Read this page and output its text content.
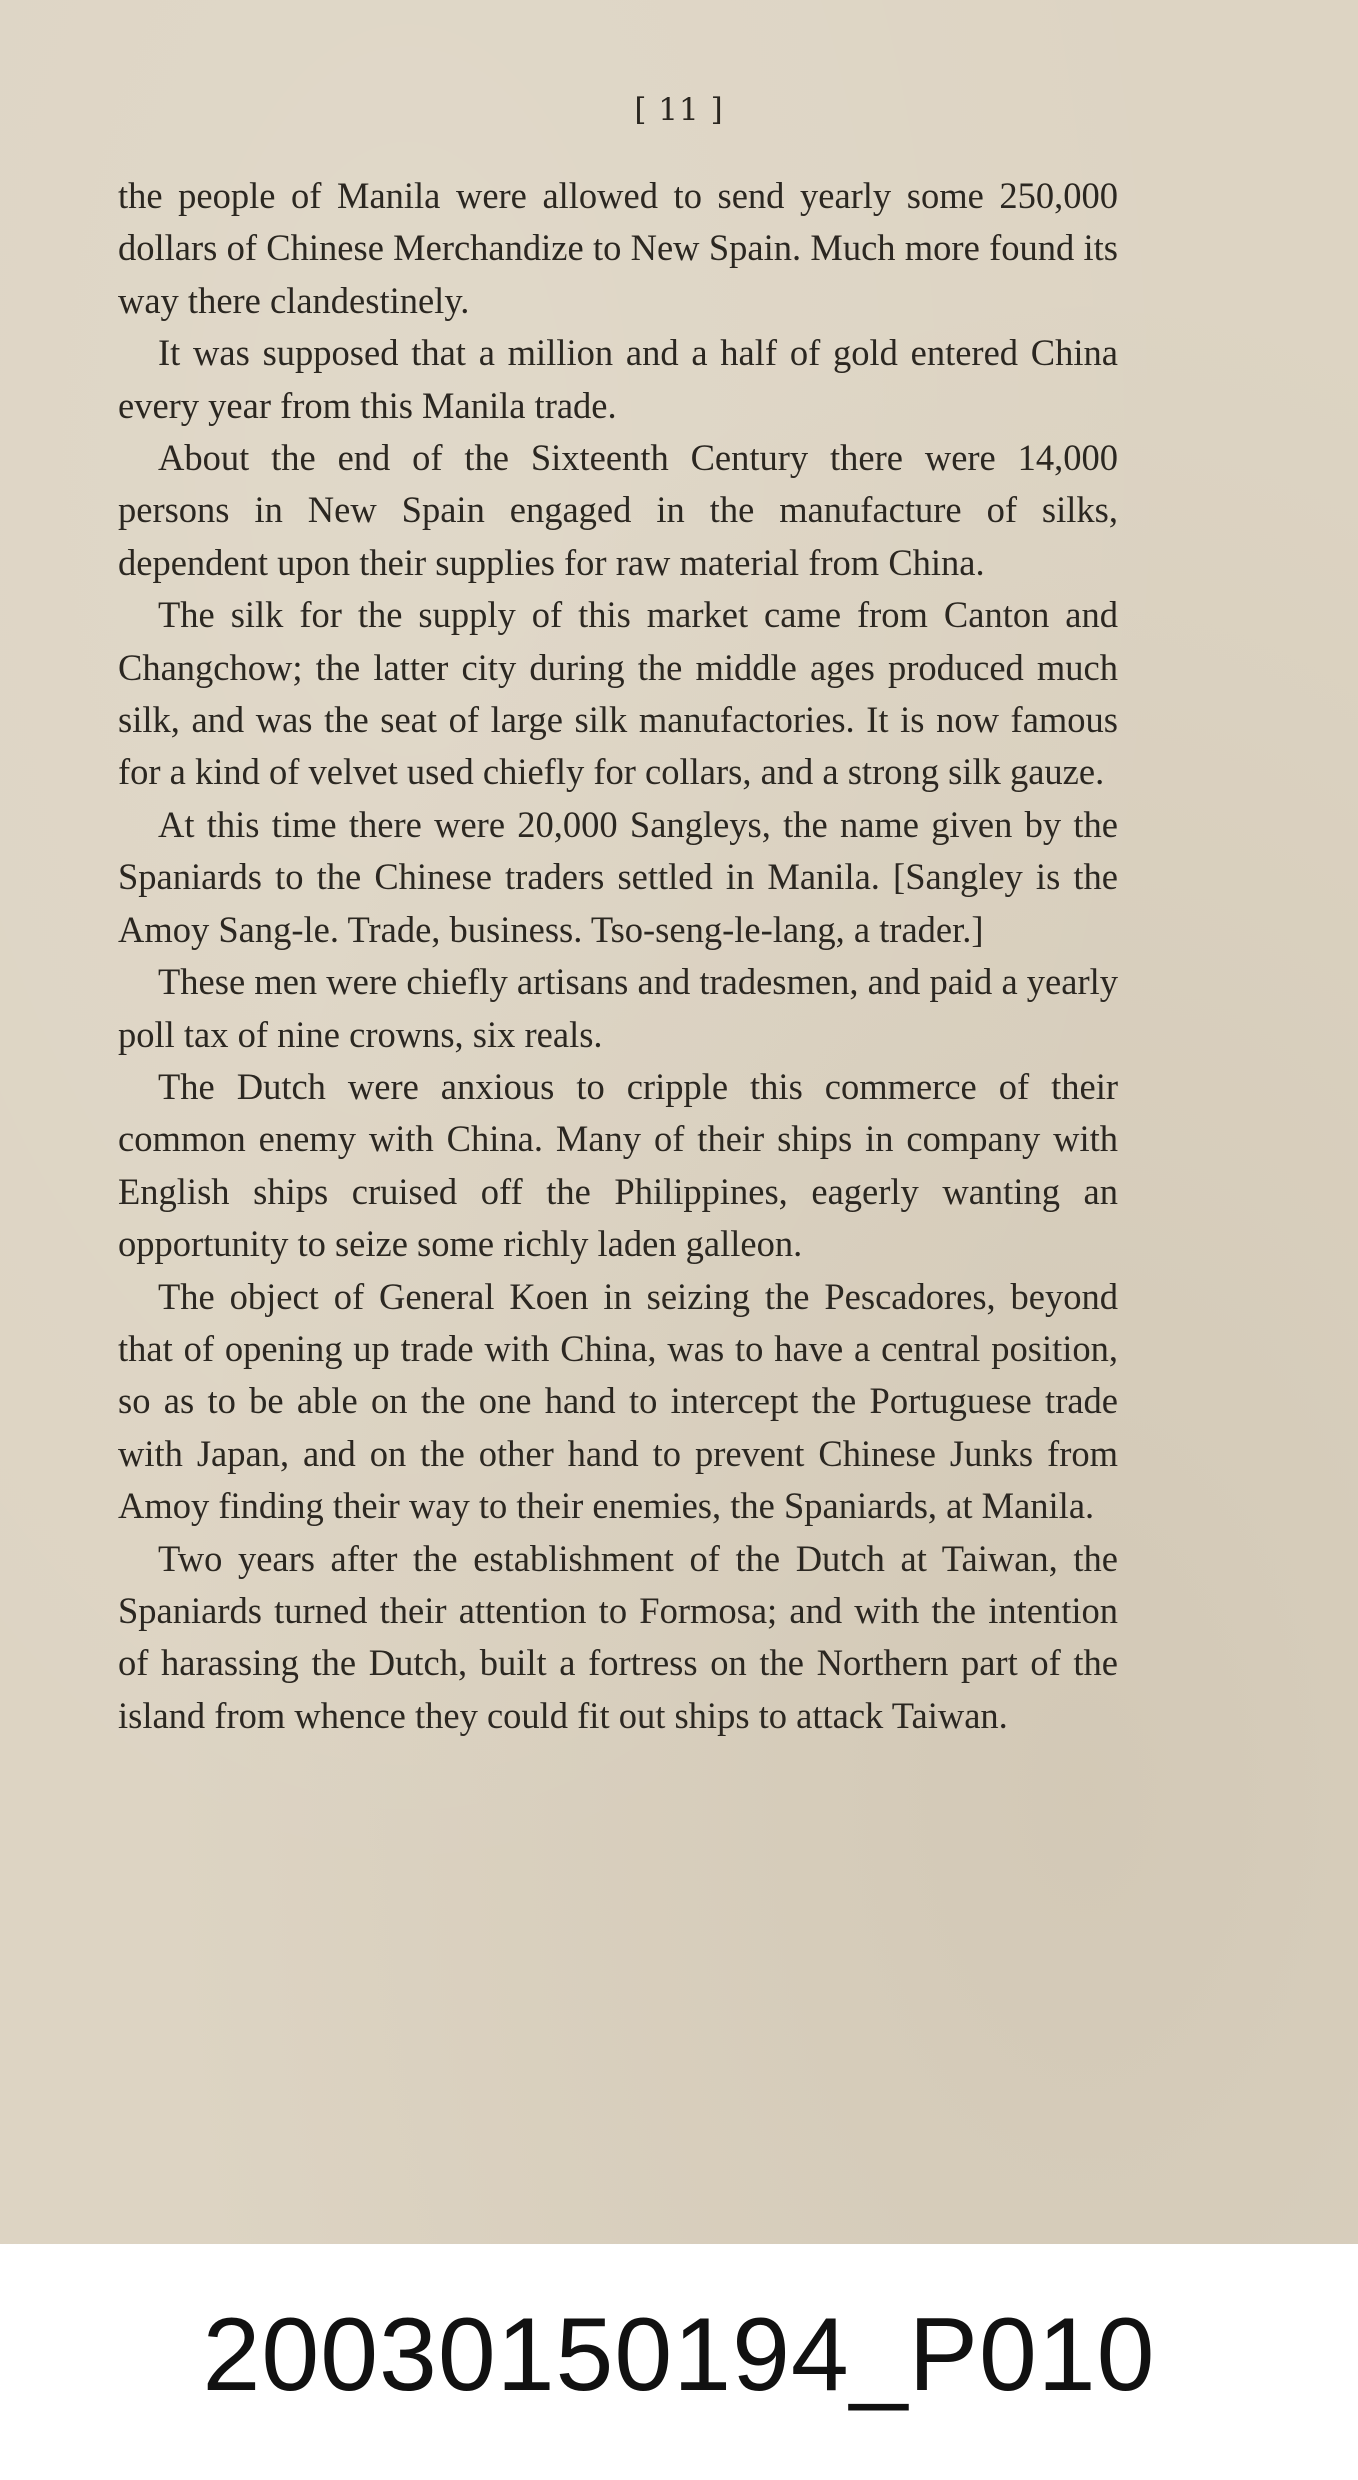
[ 11 ]

the people of Manila were allowed to send yearly some 250,000 dollars of Chinese Merchandize to New Spain. Much more found its way there clandestinely.

It was supposed that a million and a half of gold entered China every year from this Manila trade.

About the end of the Sixteenth Century there were 14,000 persons in New Spain engaged in the manufacture of silks, dependent upon their supplies for raw material from China.

The silk for the supply of this market came from Canton and Changchow; the latter city during the middle ages produced much silk, and was the seat of large silk manufactories. It is now famous for a kind of velvet used chiefly for collars, and a strong silk gauze.

At this time there were 20,000 Sangleys, the name given by the Spaniards to the Chinese traders settled in Manila. [Sangley is the Amoy Sang-le. Trade, business. Tso-seng-le-lang, a trader.]

These men were chiefly artisans and tradesmen, and paid a yearly poll tax of nine crowns, six reals.

The Dutch were anxious to cripple this commerce of their common enemy with China. Many of their ships in company with English ships cruised off the Philippines, eagerly wanting an opportunity to seize some richly laden galleon.

The object of General Koen in seizing the Pescadores, beyond that of opening up trade with China, was to have a central position, so as to be able on the one hand to intercept the Portuguese trade with Japan, and on the other hand to prevent Chinese Junks from Amoy finding their way to their enemies, the Spaniards, at Manila.

Two years after the establishment of the Dutch at Taiwan, the Spaniards turned their attention to Formosa; and with the intention of harassing the Dutch, built a fortress on the Northern part of the island from whence they could fit out ships to attack Taiwan.

20030150194_P010
